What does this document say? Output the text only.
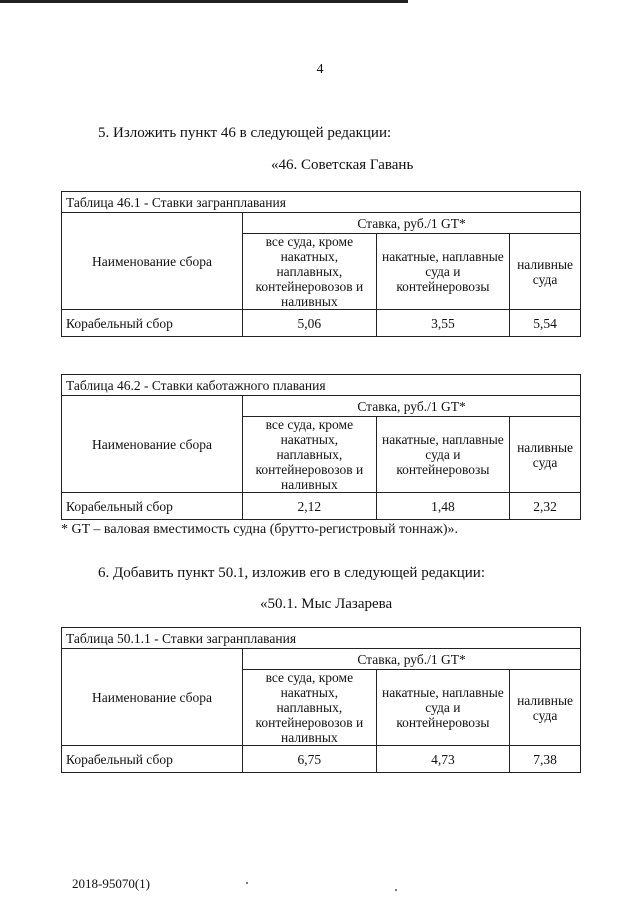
4
5. Изложить пункт 46 в следующей редакции:
«46. Советская Гавань
Таблица 46.1 - Ставки загранплавания			
Наименование сбора	Ставка, руб./1 GT*		
	все суда, кроме накатных, наплавных, контейнеровозов и наливных	накатные, наплавные суда и контейнеровозы	наливные суда
Корабельный сбор	5,06	3,55	5,54
Таблица 46.2 - Ставки каботажного плавания			
Наименование сбора	Ставка, руб./1 GT*		
	все суда, кроме накатных, наплавных, контейнеровозов и наливных	накатные, наплавные суда и контейнеровозы	наливные суда
Корабельный сбор	2,12	1,48	2,32
* GT – валовая вместимость судна (брутто-регистровый тоннаж)».
6. Добавить пункт 50.1, изложив его в следующей редакции:
«50.1. Мыс Лазарева
Таблица 50.1.1 - Ставки загранплавания			
Наименование сбора	Ставка, руб./1 GT*		
	все суда, кроме накатных, наплавных, контейнеровозов и наливных	накатные, наплавные суда и контейнеровозы	наливные суда
Корабельный сбор	6,75	4,73	7,38
2018-95070(1)
